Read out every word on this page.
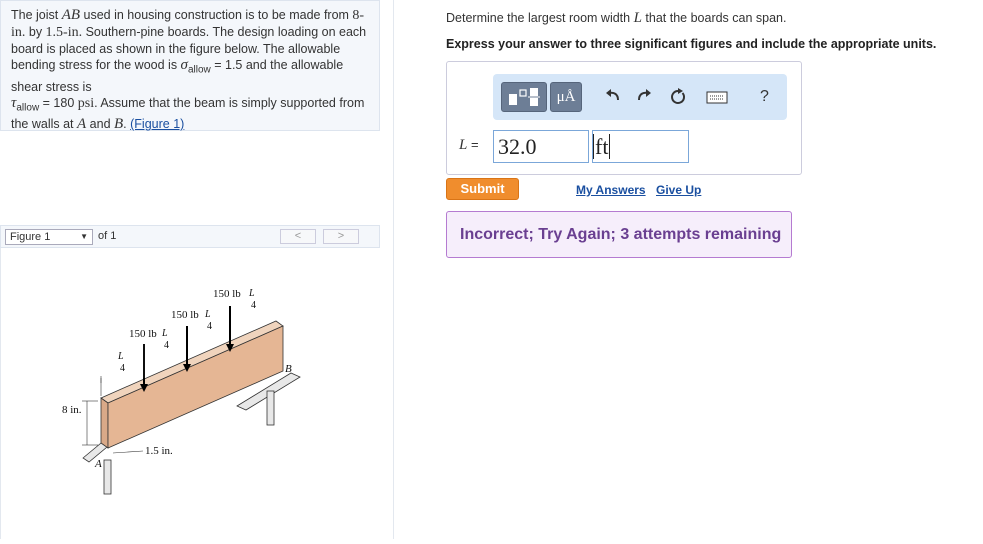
The joist AB used in housing construction is to be made from 8-in. by 1.5-in. Southern-pine boards. The design loading on each board is placed as shown in the figure below. The allowable bending stress for the wood is $\sigma_{allow} = 1.5$ and the allowable shear stress is
$\tau_{allow} = 180$ psi. Assume that the beam is simply supported from the walls at A and B. (Figure 1)
Figure 1	▼ of 1	<	>
150 lb L
4
150 lb L
4
150 lb L
4
L
4
8 in.
1.5 in.
A
B
Determine the largest room width L that the boards can span.
Express your answer to three significant figures and include the appropriate units.
μÅ	?
L = 32.0	ft
Submit	My Answers Give Up
Incorrect; Try Again; 3 attempts remaining
